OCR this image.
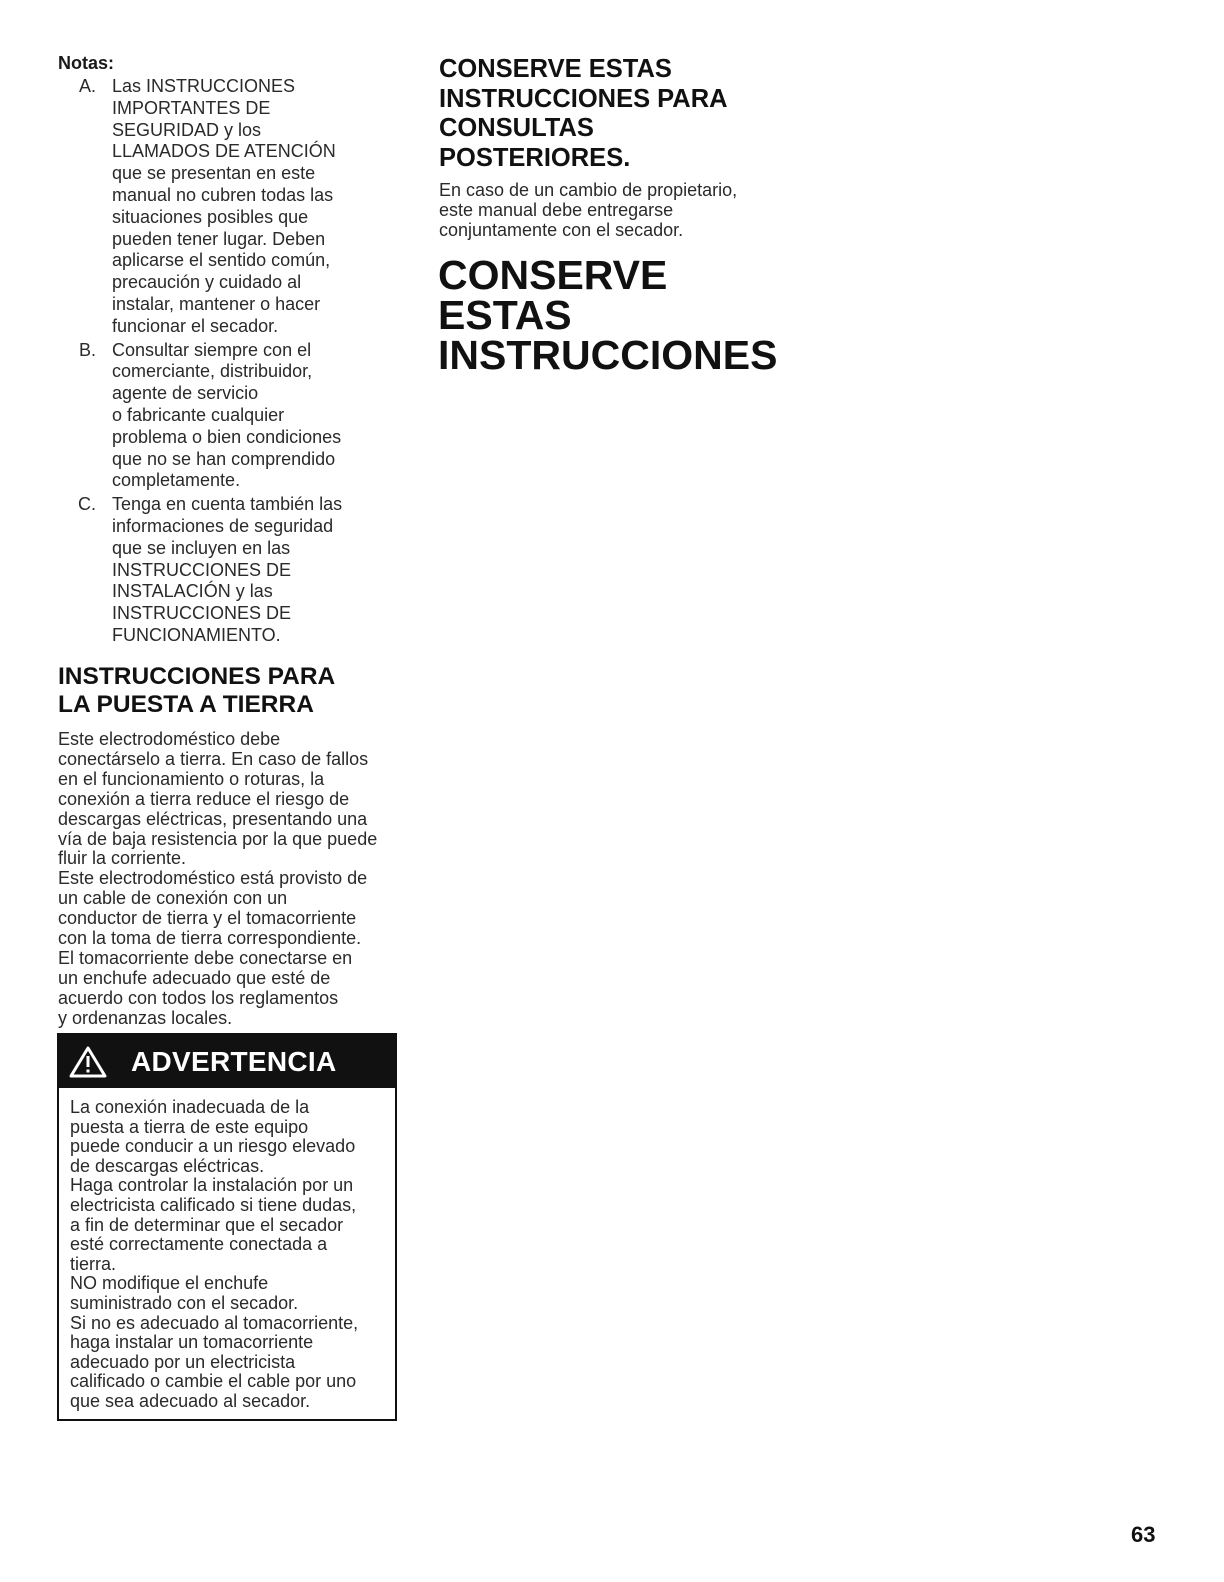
Notas:

A. Las INSTRUCCIONES
IMPORTANTES DE
SEGURIDAD y los
LLAMADOS DE ATENCIÓN
que se presentan en este
manual no cubren todas las
situaciones posibles que
pueden tener lugar. Deben
aplicarse el sentido común,
precaución y cuidado al
instalar, mantener o hacer
funcionar el secador.
B. Consultar siempre con el
comerciante, distribuidor,
agente de servicio
o fabricante cualquier
problema o bien condiciones
que no se han comprendido
completamente.
C. Tenga en cuenta también las
informaciones de seguridad
que se incluyen en las
INSTRUCCIONES DE
INSTALACIÓN y las
INSTRUCCIONES DE
FUNCIONAMIENTO.
INSTRUCCIONES PARA
LA PUESTA A TIERRA

Este electrodoméstico debe
conectárselo a tierra. En caso de fallos
en el funcionamiento o roturas, la
conexión a tierra reduce el riesgo de
descargas eléctricas, presentando una
vía de baja resistencia por la que puede
fluir la corriente.
Este electrodoméstico está provisto de
un cable de conexión con un
conductor de tierra y el tomacorriente
con la toma de tierra correspondiente.
El tomacorriente debe conectarse en
un enchufe adecuado que esté de
acuerdo con todos los reglamentos
y ordenanzas locales.

ADVERTENCIA
La conexión inadecuada de la
puesta a tierra de este equipo
puede conducir a un riesgo elevado
de descargas eléctricas.
Haga controlar la instalación por un
electricista calificado si tiene dudas,
a fin de determinar que el secador
esté correctamente conectada a
tierra.
NO modifique el enchufe
suministrado con el secador.
Si no es adecuado al tomacorriente,
haga instalar un tomacorriente
adecuado por un electricista
calificado o cambie el cable por uno
que sea adecuado al secador.
CONSERVE ESTAS
INSTRUCCIONES PARA
CONSULTAS
POSTERIORES.

En caso de un cambio de propietario,
este manual debe entregarse
conjuntamente con el secador.

CONSERVE
ESTAS
INSTRUCCIONES
63
